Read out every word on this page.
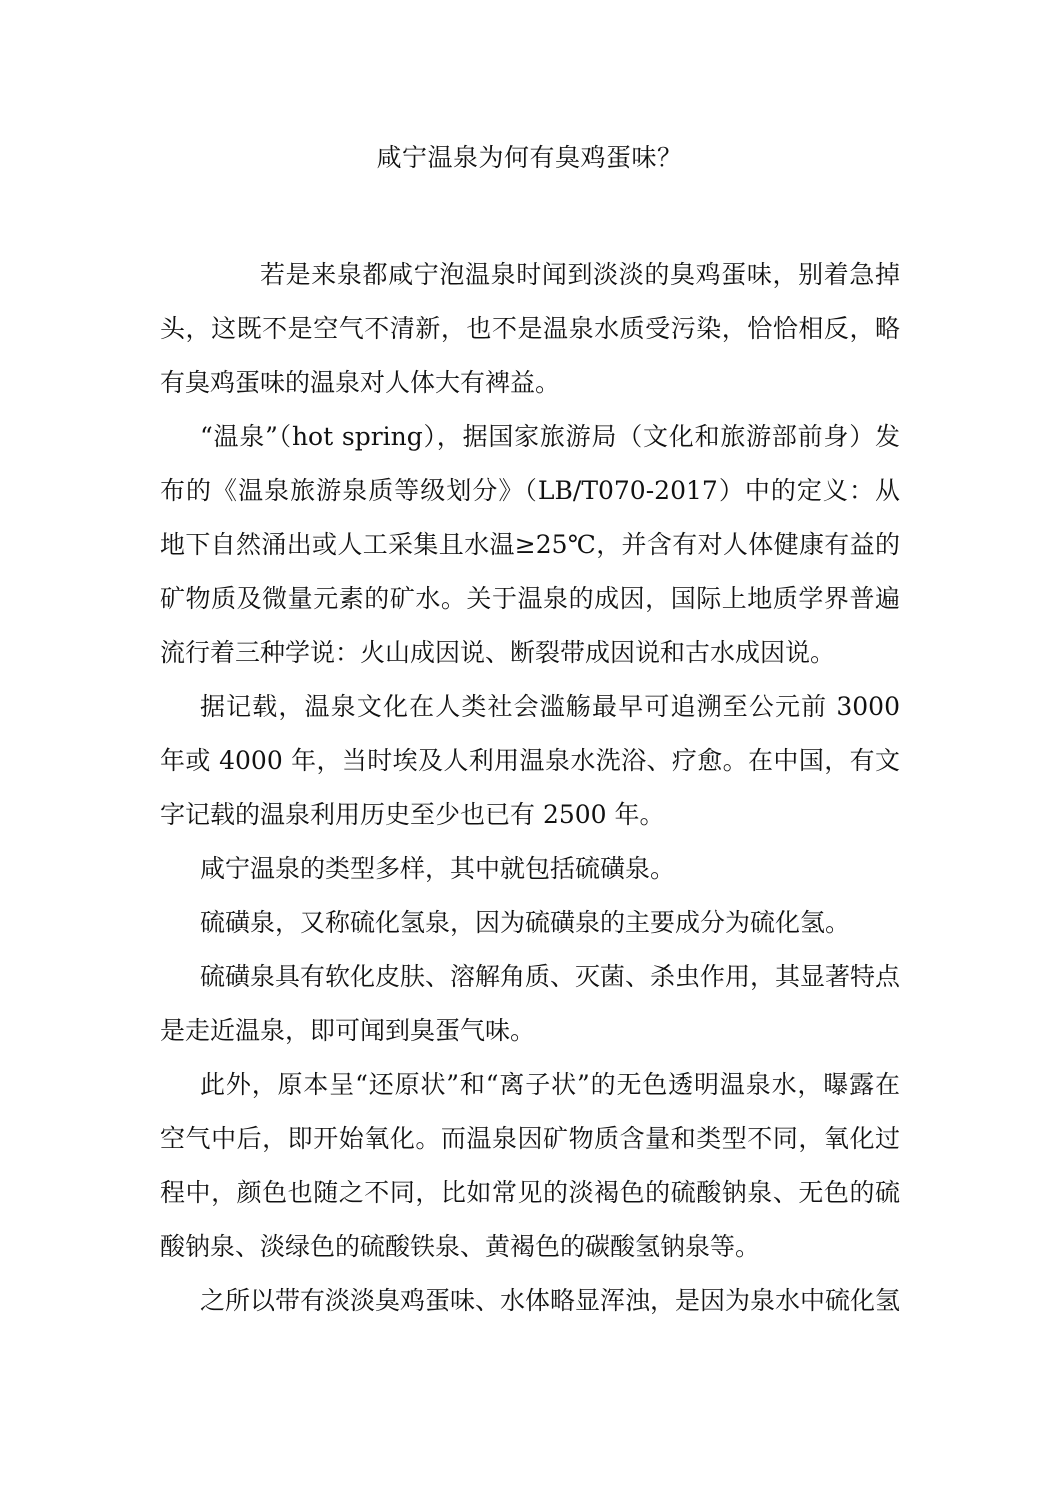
咸宁温泉为何有臭鸡蛋味？

若是来泉都咸宁泡温泉时闻到淡淡的臭鸡蛋味，别着急掉头，这既不是空气不清新，也不是温泉水质受污染，恰恰相反，略有臭鸡蛋味的温泉对人体大有裨益。

“温泉”（hot spring），据国家旅游局（文化和旅游部前身）发布的《温泉旅游泉质等级划分》（LB/T070-2017）中的定义：从地下自然涌出或人工采集且水温≥25℃，并含有对人体健康有益的矿物质及微量元素的矿水。关于温泉的成因，国际上地质学界普遍流行着三种学说：火山成因说、断裂带成因说和古水成因说。

据记载，温泉文化在人类社会滥觞最早可追溯至公元前 3000 年或 4000 年，当时埃及人利用温泉水洗浴、疗愈。在中国，有文字记载的温泉利用历史至少也已有 2500 年。

咸宁温泉的类型多样，其中就包括硫磺泉。

硫磺泉，又称硫化氢泉，因为硫磺泉的主要成分为硫化氢。

硫磺泉具有软化皮肤、溶解角质、灭菌、杀虫作用，其显著特点是走近温泉，即可闻到臭蛋气味。

此外，原本呈“还原状”和“离子状”的无色透明温泉水，曝露在空气中后，即开始氧化。而温泉因矿物质含量和类型不同，氧化过程中，颜色也随之不同，比如常见的淡褐色的硫酸钠泉、无色的硫酸钠泉、淡绿色的硫酸铁泉、黄褐色的碳酸氢钠泉等。

之所以带有淡淡臭鸡蛋味、水体略显浑浊，是因为泉水中硫化氢
